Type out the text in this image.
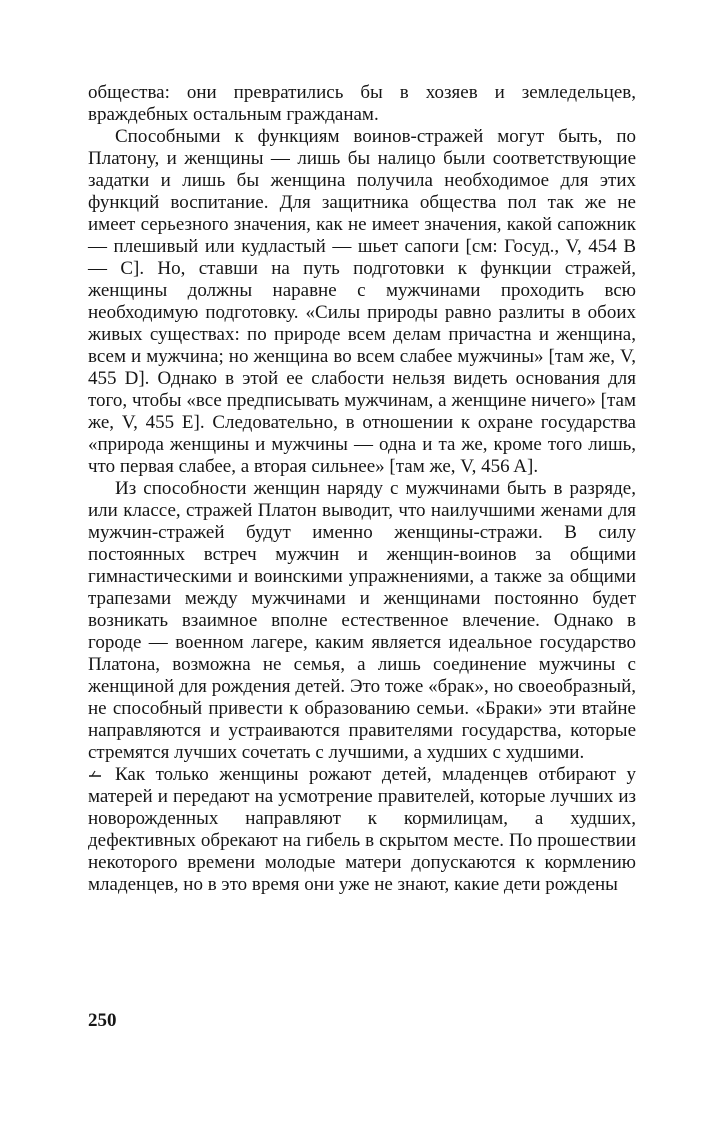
общества: они превратились бы в хозяев и земледельцев, враждебных остальным гражданам.

Способными к функциям воинов-стражей могут быть, по Платону, и женщины — лишь бы налицо были соответствующие задатки и лишь бы женщина получила необходимое для этих функций воспитание. Для защитника общества пол так же не имеет серьезного значения, как не имеет значения, какой сапожник — плешивый или кудластый — шьет сапоги [см: Госуд., V, 454 В — С]. Но, ставши на путь подготовки к функции стражей, женщины должны наравне с мужчинами проходить всю необходимую подготовку. «Силы природы равно разлиты в обоих живых существах: по природе всем делам причастна и женщина, всем и мужчина; но женщина во всем слабее мужчины» [там же, V, 455 D]. Однако в этой ее слабости нельзя видеть основания для того, чтобы «все предписывать мужчинам, а женщине ничего» [там же, V, 455 E]. Следовательно, в отношении к охране государства «природа женщины и мужчины — одна и та же, кроме того лишь, что первая слабее, а вторая сильнее» [там же, V, 456 A].

Из способности женщин наряду с мужчинами быть в разряде, или классе, стражей Платон выводит, что наилучшими женами для мужчин-стражей будут именно женщины-стражи. В силу постоянных встреч мужчин и женщин-воинов за общими гимнастическими и воинскими упражнениями, а также за общими трапезами между мужчинами и женщинами постоянно будет возникать взаимное вполне естественное влечение. Однако в городе — военном лагере, каким является идеальное государство Платона, возможна не семья, а лишь соединение мужчины с женщиной для рождения детей. Это тоже «брак», но своеобразный, не способный привести к образованию семьи. «Браки» эти втайне направляются и устраиваются правителями государства, которые стремятся лучших сочетать с лучшими, а худших с худшими.

Как только женщины рожают детей, младенцев отбирают у матерей и передают на усмотрение правителей, которые лучших из новорожденных направляют к кормилицам, а худших, дефективных обрекают на гибель в скрытом месте. По прошествии некоторого времени молодые матери допускаются к кормлению младенцев, но в это время они уже не знают, какие дети рождены

250
